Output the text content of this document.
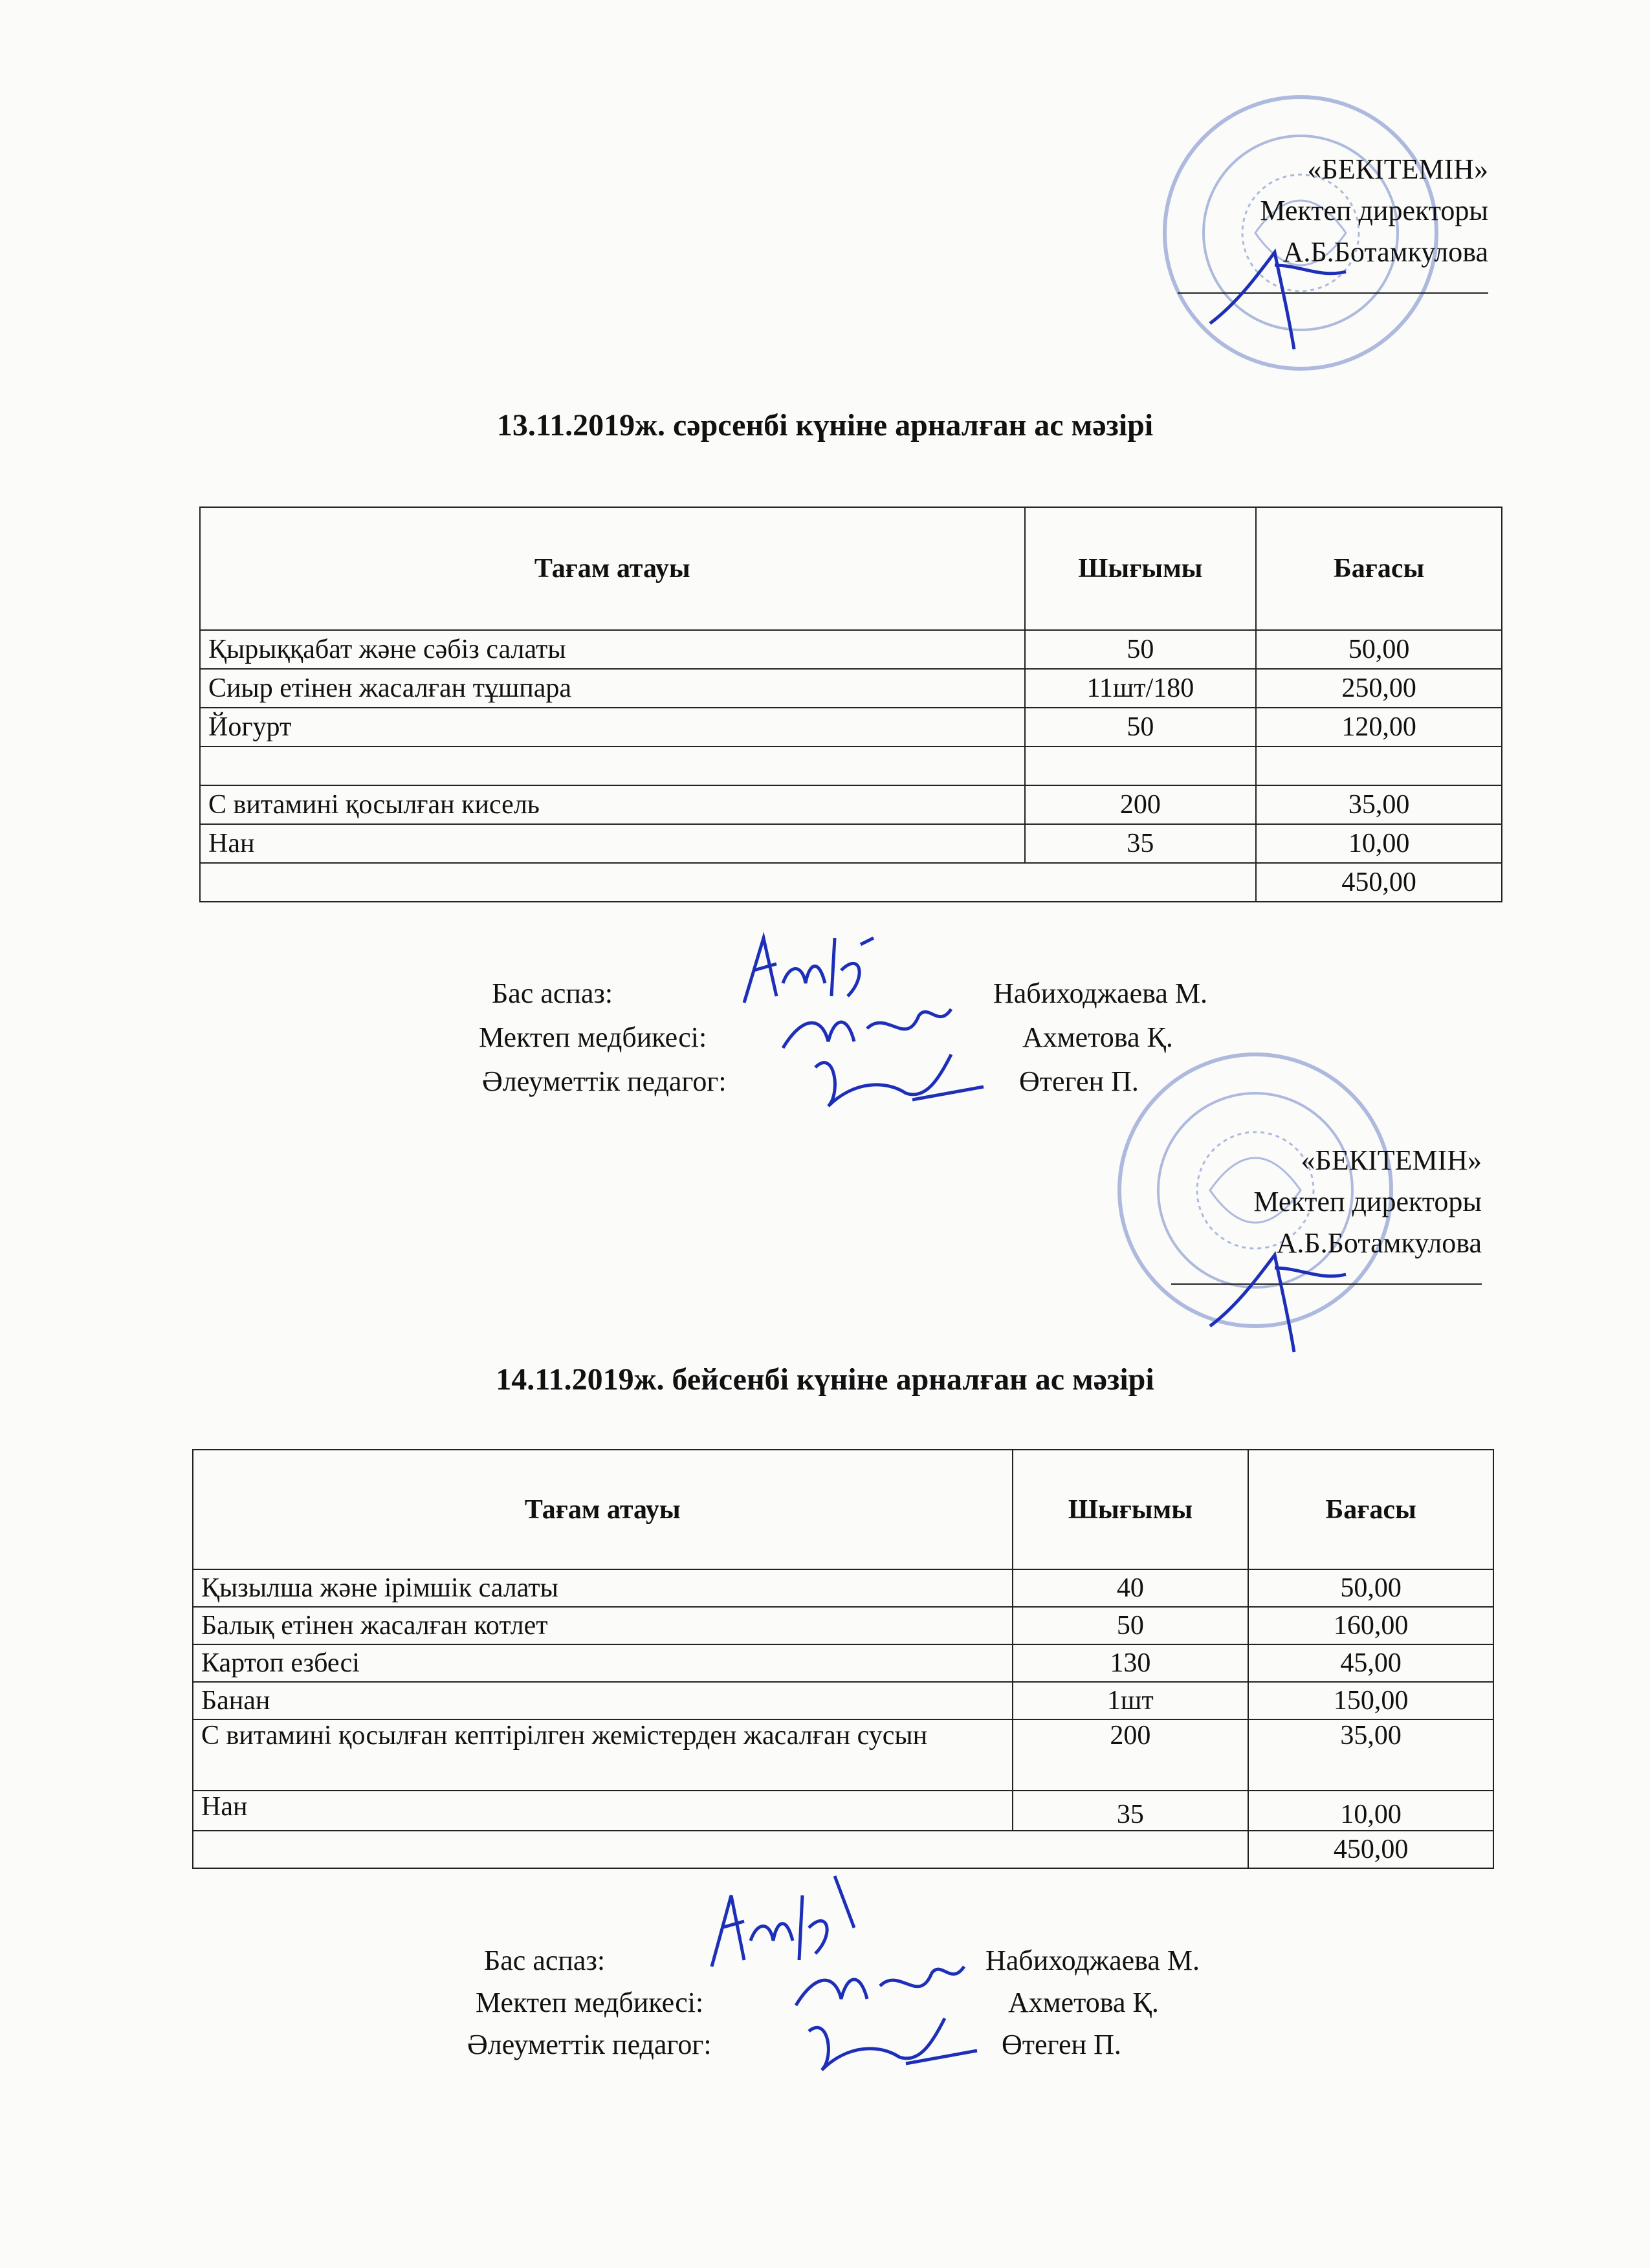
«БЕКІТЕМІН»
Мектеп директоры
А.Б.Ботамкулова
13.11.2019ж. сәрсенбі күніне арналған ас мәзірі
Тағам атауы	Шығымы	Бағасы
Қырыққабат және сәбіз салаты	50	50,00
Сиыр етінен жасалған тұшпара	11шт/180	250,00
Йогурт	50	120,00

С витамині қосылған кисель	200	35,00
Нан	35	10,00
		450,00
Бас аспаз:	Набиходжаева М.
Мектеп медбикесі:	Ахметова Қ.
Әлеуметтік педагог:	Өтеген П.
«БЕКІТЕМІН»
Мектеп директоры
А.Б.Ботамкулова
14.11.2019ж. бейсенбі күніне арналған ас мәзірі
Тағам атауы	Шығымы	Бағасы
Қызылша және ірімшік салаты	40	50,00
Балық етінен жасалған котлет	50	160,00
Картоп езбесі	130	45,00
Банан	1шт	150,00
С витамині қосылған кептірілген жемістерден жасалған сусын	200	35,00
Нан	35	10,00
		450,00
Бас аспаз:	Набиходжаева М.
Мектеп медбикесі:	Ахметова Қ.
Әлеуметтік педагог:	Өтеген П.
